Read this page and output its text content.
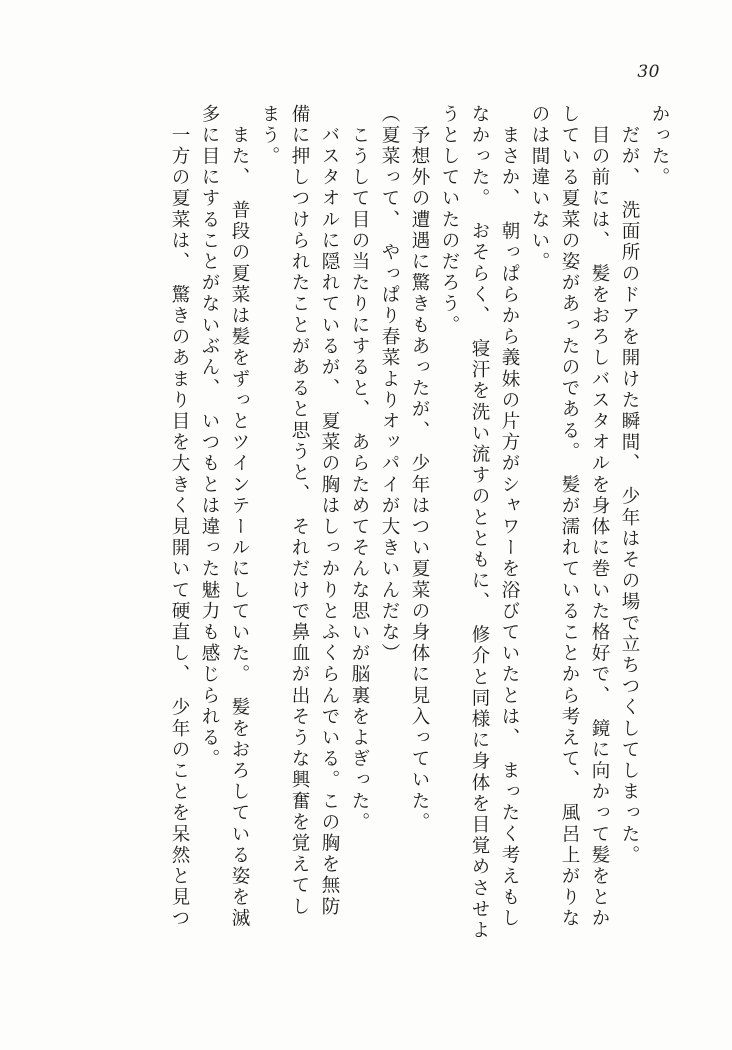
30
かった。
　だが、　洗面所のドアを開けた瞬間、　少年はその場で立ちつくしてしまった。
　目の前には、　髪をおろしバスタオルを身体に巻いた格好で、　鏡に向かって髪をとか
している夏菜の姿があったのである。　髪が濡れていることから考えて、　風呂上がりな
のは間違いない。
　まさか、　朝っぱらから義妹の片方がシャワーを浴びていたとは、　まったく考えもし
なかった。　おそらく、　寝汗を洗い流すのとともに、　修介と同様に身体を目覚めさせよ
うとしていたのだろう。
　予想外の遭遇に驚きもあったが、　少年はつい夏菜の身体に見入っていた。
（夏菜って、　やっぱり春菜よりオッパイが大きいんだな）
　こうして目の当たりにすると、　あらためてそんな思いが脳裏をよぎった。
　バスタオルに隠れているが、　夏菜の胸はしっかりとふくらんでいる。この胸を無防
備に押しつけられたことがあると思うと、　それだけで鼻血が出そうな興奮を覚えてし
まう。
　また、　普段の夏菜は髪をずっとツインテールにしていた。　髪をおろしている姿を滅
多に目にすることがないぶん、　いつもとは違った魅力も感じられる。
　一方の夏菜は、　驚きのあまり目を大きく見開いて硬直し、　少年のことを呆然と見つ
